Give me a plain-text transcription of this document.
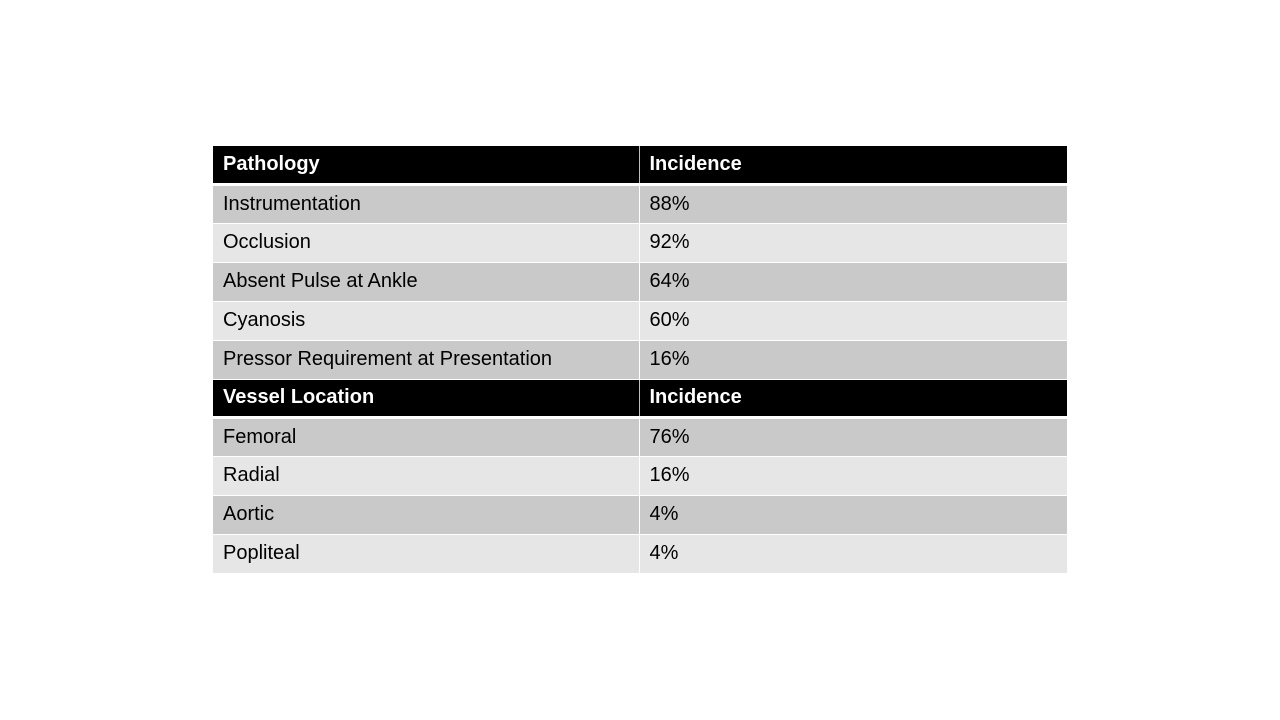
Pathology	Incidence
Instrumentation	88%
Occlusion	92%
Absent Pulse at Ankle	64%
Cyanosis	60%
Pressor Requirement at Presentation	16%
Vessel Location	Incidence
Femoral	76%
Radial	16%
Aortic	4%
Popliteal	4%
